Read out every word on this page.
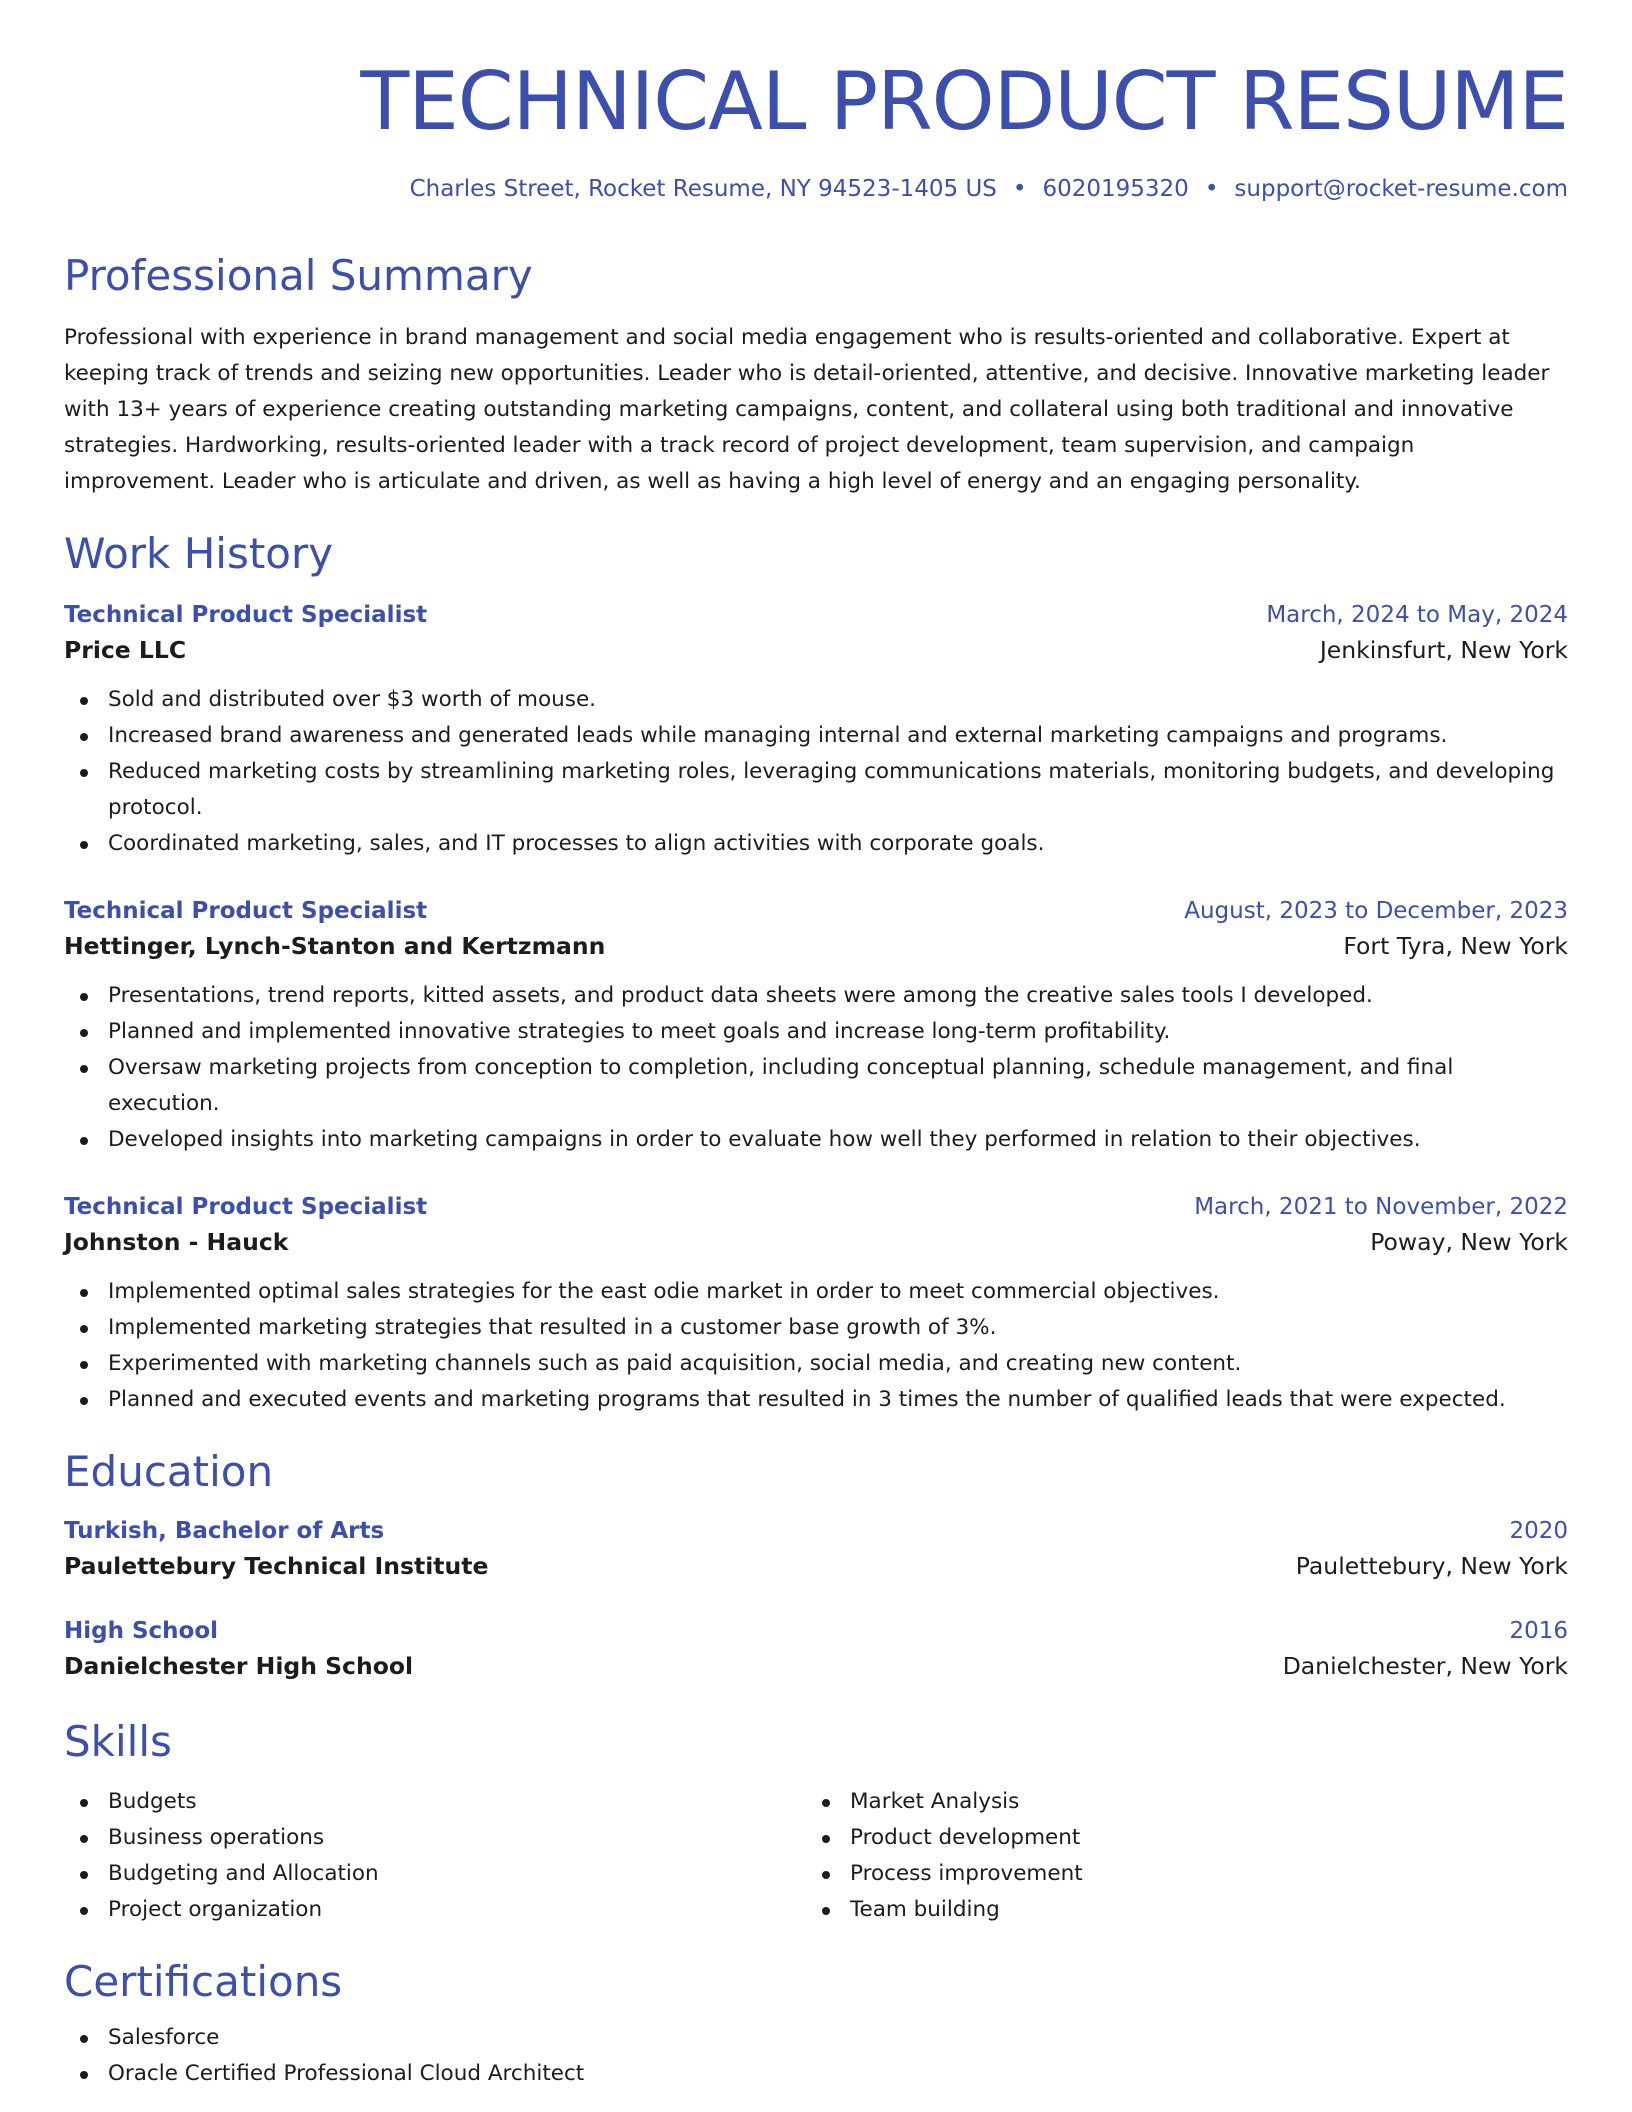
TECHNICAL PRODUCT RESUME
Charles Street, Rocket Resume, NY 94523-1405 US • 6020195320 • support@rocket-resume.com
Professional Summary

Professional with experience in brand management and social media engagement who is results-oriented and collaborative. Expert at keeping track of trends and seizing new opportunities. Leader who is detail-oriented, attentive, and decisive. Innovative marketing leader with 13+ years of experience creating outstanding marketing campaigns, content, and collateral using both traditional and innovative strategies. Hardworking, results-oriented leader with a track record of project development, team supervision, and campaign improvement. Leader who is articulate and driven, as well as having a high level of energy and an engaging personality.

Work History
Technical Product Specialist	March, 2024 to May, 2024
Price LLC	Jenkinsfurt, New York
Sold and distributed over $3 worth of mouse.
Increased brand awareness and generated leads while managing internal and external marketing campaigns and programs.
Reduced marketing costs by streamlining marketing roles, leveraging communications materials, monitoring budgets, and developing protocol.
Coordinated marketing, sales, and IT processes to align activities with corporate goals.
Technical Product Specialist	August, 2023 to December, 2023
Hettinger, Lynch-Stanton and Kertzmann	Fort Tyra, New York
Presentations, trend reports, kitted assets, and product data sheets were among the creative sales tools I developed.
Planned and implemented innovative strategies to meet goals and increase long-term profitability.
Oversaw marketing projects from conception to completion, including conceptual planning, schedule management, and final execution.
Developed insights into marketing campaigns in order to evaluate how well they performed in relation to their objectives.
Technical Product Specialist	March, 2021 to November, 2022
Johnston - Hauck	Poway, New York
Implemented optimal sales strategies for the east odie market in order to meet commercial objectives.
Implemented marketing strategies that resulted in a customer base growth of 3%.
Experimented with marketing channels such as paid acquisition, social media, and creating new content.
Planned and executed events and marketing programs that resulted in 3 times the number of qualified leads that were expected.
Education
Turkish, Bachelor of Arts	2020
Paulettebury Technical Institute	Paulettebury, New York
High School	2016
Danielchester High School	Danielchester, New York
Skills
Budgets
Business operations
Budgeting and Allocation
Project organization
Market Analysis
Product development
Process improvement
Team building
Certifications
Salesforce
Oracle Certified Professional Cloud Architect
